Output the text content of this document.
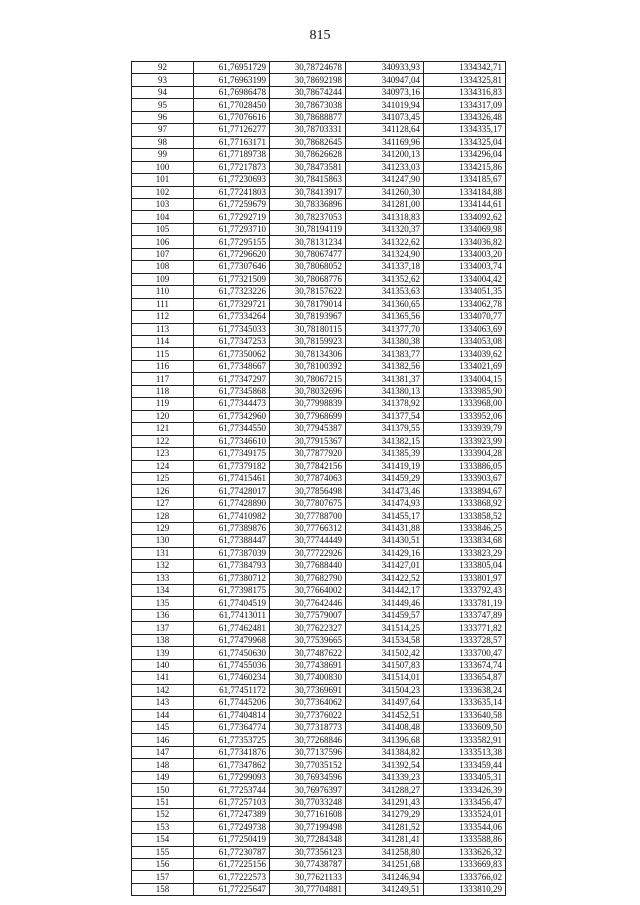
815
92	61,76951729	30,78724678	340933,93	1334342,71
93	61,76963199	30,78692198	340947,04	1334325,81
94	61,76986478	30,78674244	340973,16	1334316,83
95	61,77028450	30,78673038	341019,94	1334317,09
96	61,77076616	30,78688877	341073,45	1334326,48
97	61,77126277	30,78703331	341128,64	1334335,17
98	61,77163171	30,78682645	341169,96	1334325,04
99	61,77189738	30,78626628	341200,13	1334296,04
100	61,77217873	30,78473581	341233,03	1334215,86
101	61,77230693	30,78415863	341247,90	1334185,67
102	61,77241803	30,78413917	341260,30	1334184,88
103	61,77259679	30,78336896	341281,00	1334144,61
104	61,77292719	30,78237053	341318,83	1334092,62
105	61,77293710	30,78194119	341320,37	1334069,98
106	61,77295155	30,78131234	341322,62	1334036,82
107	61,77296620	30,78067477	341324,90	1334003,20
108	61,77307646	30,78068052	341337,18	1334003,74
109	61,77321509	30,78068776	341352,62	1334004,42
110	61,77323226	30,78157622	341353,63	1334051,35
111	61,77329721	30,78179014	341360,65	1334062,78
112	61,77334264	30,78193967	341365,56	1334070,77
113	61,77345033	30,78180115	341377,70	1334063,69
114	61,77347253	30,78159923	341380,38	1334053,08
115	61,77350062	30,78134306	341383,77	1334039,62
116	61,77348667	30,78100392	341382,56	1334021,69
117	61,77347297	30,78067215	341381,37	1334004,15
118	61,77345868	30,78032696	341380,13	1333985,90
119	61,77344473	30,77998839	341378,92	1333968,00
120	61,77342960	30,77968699	341377,54	1333952,06
121	61,77344550	30,77945387	341379,55	1333939,79
122	61,77346610	30,77915367	341382,15	1333923,99
123	61,77349175	30,77877920	341385,39	1333904,28
124	61,77379182	30,77842156	341419,19	1333886,05
125	61,77415461	30,77874063	341459,29	1333903,67
126	61,77428017	30,77856498	341473,46	1333894,67
127	61,77428890	30,77807675	341474,93	1333868,92
128	61,77410982	30,77788700	341455,17	1333858,52
129	61,77389876	30,77766312	341431,88	1333846,25
130	61,77388447	30,77744449	341430,51	1333834,68
131	61,77387039	30,77722926	341429,16	1333823,29
132	61,77384793	30,77688440	341427,01	1333805,04
133	61,77380712	30,77682790	341422,52	1333801,97
134	61,77398175	30,77664002	341442,17	1333792,43
135	61,77404519	30,77642446	341449,46	1333781,19
136	61,77413011	30,77579007	341459,57	1333747,89
137	61,77462481	30,77622327	341514,25	1333771,82
138	61,77479968	30,77539665	341534,58	1333728,57
139	61,77450630	30,77487622	341502,42	1333700,47
140	61,77455036	30,77438691	341507,83	1333674,74
141	61,77460234	30,77400830	341514,01	1333654,87
142	61,77451172	30,77369691	341504,23	1333638,24
143	61,77445206	30,77364062	341497,64	1333635,14
144	61,77404814	30,77376022	341452,51	1333640,58
145	61,77364774	30,77318773	341408,48	1333609,50
146	61,77353725	30,77268846	341396,68	1333582,91
147	61,77341876	30,77137596	341384,82	1333513,38
148	61,77347862	30,77035152	341392,54	1333459,44
149	61,77299093	30,76934596	341339,23	1333405,31
150	61,77253744	30,76976397	341288,27	1333426,39
151	61,77257103	30,77033248	341291,43	1333456,47
152	61,77247389	30,77161608	341279,29	1333524,01
153	61,77249738	30,77199498	341281,52	1333544,06
154	61,77250419	30,77284348	341281,41	1333588,86
155	61,77230787	30,77356123	341258,80	1333626,32
156	61,77225156	30,77438787	341251,68	1333669,83
157	61,77222573	30,77621133	341246,94	1333766,02
158	61,77225647	30,77704881	341249,51	1333810,29
